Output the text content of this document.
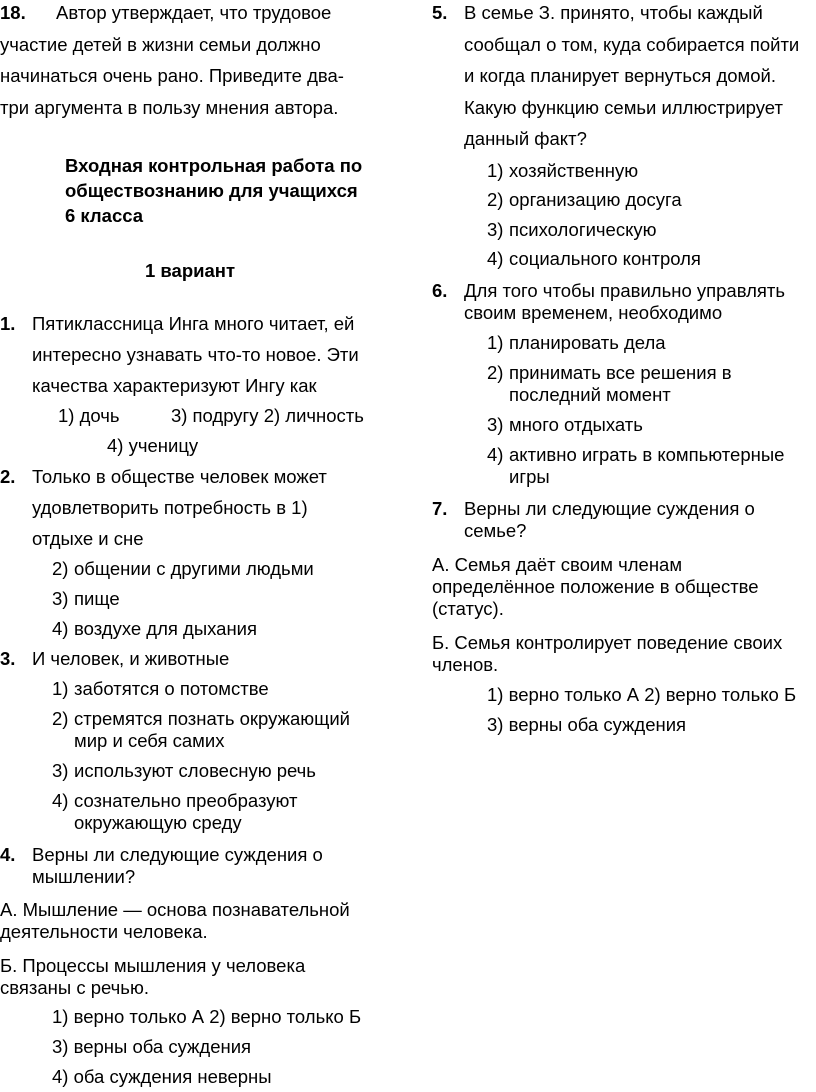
18.	Автор утверждает, что трудовое
участие детей в жизни семьи должно
начинаться очень рано. Приведите два-
три аргумента в пользу мнения автора.
Входная контрольная работа по
обществознанию для учащихся
6 класса
1 вариант
1. Пятиклассница Инга много читает, ей
интересно узнавать что-то новое. Эти
качества характеризуют Ингу как
1) дочь          3) подругу 2) личность
4) ученицу
2. Только в обществе человек может
удовлетворить потребность в 1)
отдыхе и сне
2) общении с другими людьми
3) пище
4) воздухе для дыхания
3. И человек, и животные
1) заботятся о потомстве
2) стремятся познать окружающий
мир и себя самих
3) используют словесную речь
4) сознательно преобразуют
окружающую среду
4. Верны ли следующие суждения о
мышлении?
А. Мышление — основа познавательной
деятельности человека.
Б. Процессы мышления у человека
связаны с речью.
1) верно только А 2) верно только Б
3) верны оба суждения
4) оба суждения неверны
5. В семье З. принято, чтобы каждый
сообщал о том, куда собирается пойти
и когда планирует вернуться домой.
Какую функцию семьи иллюстрирует
данный факт?
1) хозяйственную
2) организацию досуга
3) психологическую
4) социального контроля
6. Для того чтобы правильно управлять
своим временем, необходимо
1) планировать дела
2) принимать все решения в
последний момент
3) много отдыхать
4) активно играть в компьютерные
игры
7. Верны ли следующие суждения о
семье?
А. Семья даёт своим членам
определённое положение в обществе
(статус).
Б. Семья контролирует поведение своих
членов.
1) верно только А 2) верно только Б
3) верны оба суждения
